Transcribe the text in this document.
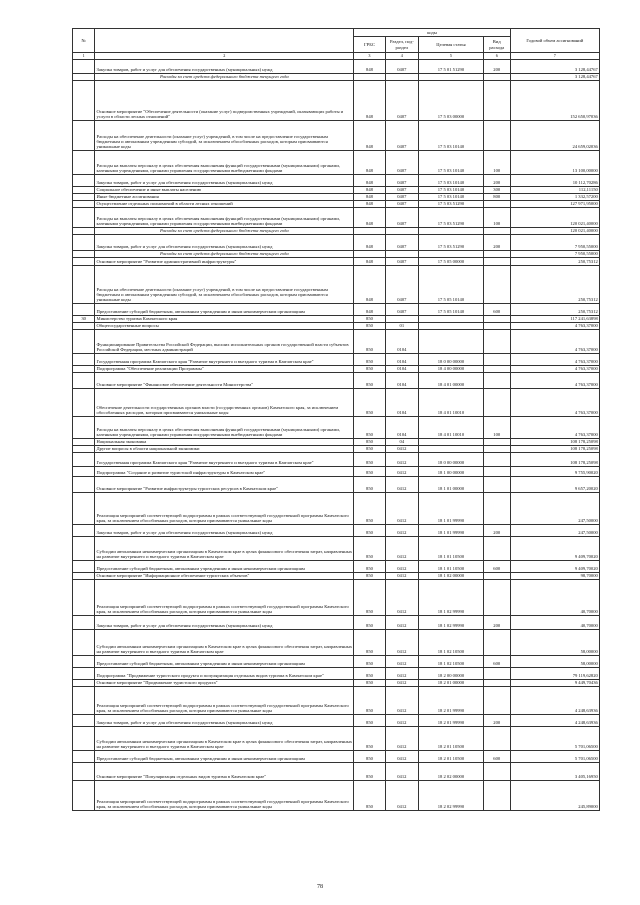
№		коды				Годовой объем ассигнований
		ГРБС	Раздел, под-раздел	Целевая статья	Вид расхода	
1	2	3	4	5	6	7
	Закупка товаров, работ и услуг для обеспечения государственных (муниципальных) нужд	848	0407	17 5 01 51290	200	3 128,44767
	Расходы за счет средств федерального бюджета текущего года					3 128,44767
	Основное мероприятие "Обеспечение деятельности (оказание услуг) подведомственных учреждений, оказывающих работы и услуги в области лесных отношений"	848	0407	17 5 03 00000		152 650,97036
	Расходы на обеспечение деятельности (оказание услуг) учреждений, в том числе на предоставление государственным бюджетным и автономным учреждениям субсидий, за исключением обособленных расходов, которым присваиваются уникальные коды	848	0407	17 5 03 10140		24 659,02036
	Расходы на выплаты персоналу в целях обеспечения выполнения функций государственными (муниципальными) органами, казенными учреждениями, органами управления государственными внебюджетными фондами	848	0407	17 5 03 10140	100	13 100,00000
	Закупка товаров, работ и услуг для обеспечения государственных (муниципальных) нужд	848	0407	17 5 03 10140	200	10 112,70286
	Социальное обеспечение и иные выплаты населению	848	0407	17 5 03 10140	300	112,11150
	Иные бюджетные ассигнования	848	0407	17 5 03 10140	800	1 332,57200
	Осуществление отдельных полномочий в области лесных отношений	848	0407	17 5 03 51290		127 971,95000
	Расходы на выплаты персоналу в целях обеспечения выполнения функций государственными (муниципальными) органами, казенными учреждениями, органами управления государственными внебюджетными фондами	848	0407	17 5 03 51290	100	120 021,40000
	Расходы за счет средств федерального бюджета текущего года					120 021,40000
	Закупка товаров, работ и услуг для обеспечения государственных (муниципальных) нужд	848	0407	17 5 03 51290	200	7 950,55000
	Расходы за счет средств федерального бюджета текущего года					7 950,55000
	Основное мероприятие "Развитие административной инфраструктуры"	848	0407	17 5 05 00000		250,75312
	Расходы на обеспечение деятельности (оказание услуг) учреждений, в том числе на предоставление государственным бюджетным и автономным учреждениям субсидий, за исключением обособленных расходов, которым присваиваются уникальные коды	848	0407	17 5 05 10140		250,75312
	Предоставление субсидий бюджетным, автономным учреждениям и иным некоммерческим организациям	848	0407	17 5 05 10140	600	250,75312
30	Министерство туризма Камчатского края	850				117 241,63898
	Общегосударственные вопросы	850	01			4 763,37000
	Функционирование Правительства Российской Федерации, высших исполнительных органов государственной власти субъектов Российской Федерации, местных администраций	850	0104			4 763,37000
	Государственная программа Камчатского края "Развитие внутреннего и въездного туризма в Камчатском крае"	850	0104	18 0 00 00000		4 763,37000
	Подпрограмма "Обеспечение реализации Программы"	850	0104	18 4 00 00000		4 763,37000
	Основное мероприятие "Финансовое обеспечение деятельности Министерства"	850	0104	18 4 01 00000		4 763,37000
	Обеспечение деятельности государственных органов власти (государственных органов) Камчатского края, за исключением обособленных расходов, которым присваиваются уникальные коды	850	0104	18 4 01 10010		4 763,37000
	Расходы на выплаты персоналу в целях обеспечения выполнения функций государственными (муниципальными) органами, казенными учреждениями, органами управления государственными внебюджетными фондами	850	0104	18 4 01 10010	100	4 763,37000
	Национальная экономика	850	04			108 178,25098
	Другие вопросы в области национальной экономики	850	0412			108 178,25098
	Государственная программа Камчатского края "Развитие внутреннего и въездного туризма в Камчатском крае"	850	0412	18 0 00 00000		108 178,25098
	Подпрограмма "Создание и развитие туристской инфраструктуры в Камчатском крае"	850	0412	18 1 00 00000		9 755,90020
	Основное мероприятие "Развитие инфраструктуры туристских ресурсов в Камчатском крае"	850	0412	18 1 01 00000		9 657,20020
	Реализация мероприятий соответствующей подпрограммы в рамках соответствующей государственной программы Камчатского края, за исключением обособленных расходов, которым присваиваются уникальные коды	850	0412	18 1 01 99990		247,50000
	Закупка товаров, работ и услуг для обеспечения государственных (муниципальных) нужд	850	0412	18 1 01 99990	200	247,50000
	Субсидии автономным некоммерческим организациям в Камчатском крае в целях финансового обеспечения затрат, направленных на развитие внутреннего и въездного туризма в Камчатском крае	850	0412	18 1 01 10500		9 409,70020
	Предоставление субсидий бюджетным, автономным учреждениям и иным некоммерческим организациям	850	0412	18 1 01 10500	600	9 409,70020
	Основное мероприятие "Информационное обеспечение туристских объектов"	850	0412	18 1 02 00000		98,70000
	Реализация мероприятий соответствующей подпрограммы в рамках соответствующей государственной программы Камчатского края, за исключением обособленных расходов, которым присваиваются уникальные коды	850	0412	18 1 02 99990		40,70000
	Закупка товаров, работ и услуг для обеспечения государственных (муниципальных) нужд	850	0412	18 1 02 99990	200	40,70000
	Субсидии автономным некоммерческим организациям в Камчатском крае в целях финансового обеспечения затрат, направленных на развитие внутреннего и въездного туризма в Камчатском крае	850	0412	18 1 02 10500		58,00000
	Предоставление субсидий бюджетным, автономным учреждениям и иным некоммерческим организациям	850	0412	18 1 02 10500	600	58,00000
	Подпрограмма "Продвижение туристского продукта и популяризация отдельных видов туризма в Камчатском крае"	850	0412	18 2 00 00000		79 119,62820
	Основное мероприятие "Продвижение туристского продукта"	850	0412	18 2 01 00000		9 449,70436
	Реализация мероприятий соответствующей подпрограммы в рамках соответствующей государственной программы Камчатского края, за исключением обособленных расходов, которым присваиваются уникальные коды	850	0412	18 2 01 99990		4 248,63936
	Закупка товаров, работ и услуг для обеспечения государственных (муниципальных) нужд	850	0412	18 2 01 99990	200	4 248,63936
	Субсидии автономным некоммерческим организациям в Камчатском крае в целях финансового обеспечения затрат, направленных на развитие внутреннего и въездного туризма в Камчатском крае	850	0412	18 2 01 10500		5 701,06500
	Предоставление субсидий бюджетным, автономным учреждениям и иным некоммерческим организациям	850	0412	18 2 01 10500	600	5 701,06500
	Основное мероприятие "Популяризация отдельных видов туризма в Камчатском крае"	850	0412	18 2 02 00000		3 405,16950
	Реализация мероприятий соответствующей подпрограммы в рамках соответствующей государственной программы Камчатского края, за исключением обособленных расходов, которым присваиваются уникальные коды	850	0412	18 2 02 99990		245,89000
78
